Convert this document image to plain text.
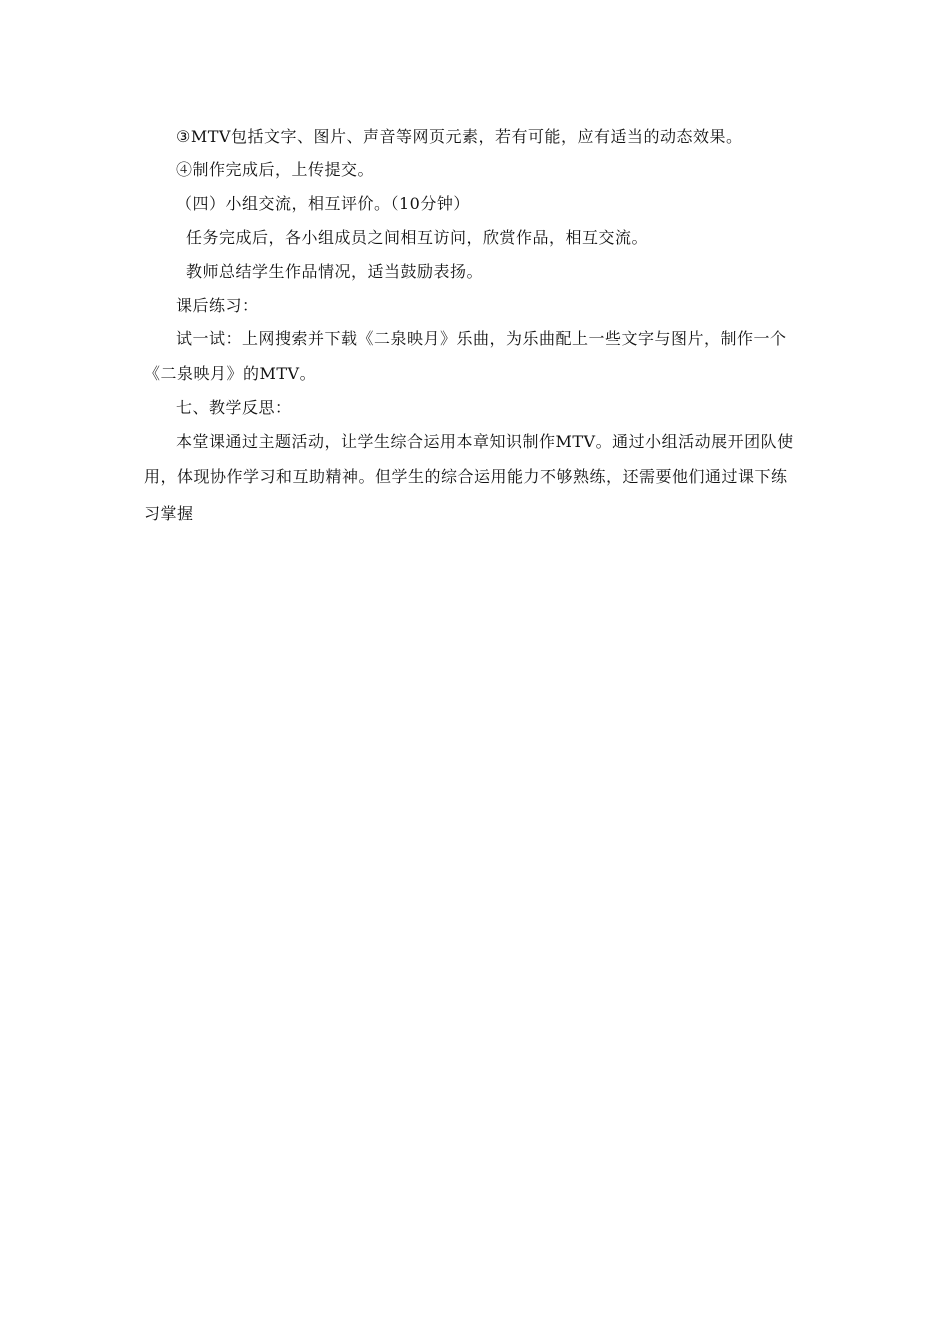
③MTV包括文字、图片、声音等网页元素，若有可能，应有适当的动态效果。
④制作完成后，上传提交。
（四）小组交流，相互评价。（10分钟）
任务完成后，各小组成员之间相互访问，欣赏作品，相互交流。
教师总结学生作品情况，适当鼓励表扬。
课后练习：
试一试：上网搜索并下载《二泉映月》乐曲，为乐曲配上一些文字与图片，制作一个
《二泉映月》的MTV。
七、教学反思：
本堂课通过主题活动，让学生综合运用本章知识制作MTV。通过小组活动展开团队使
用，体现协作学习和互助精神。但学生的综合运用能力不够熟练，还需要他们通过课下练
习掌握
